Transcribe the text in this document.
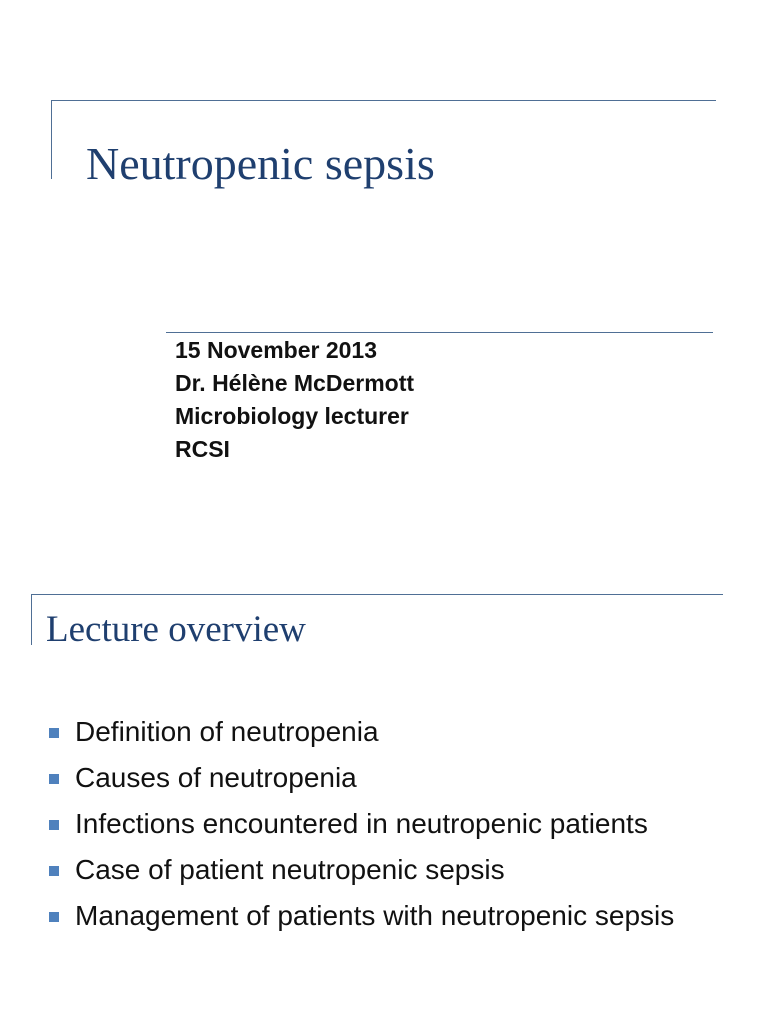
Neutropenic sepsis
15 November 2013
Dr. Hélène McDermott
Microbiology lecturer
RCSI
Lecture overview
Definition of neutropenia
Causes of neutropenia
Infections encountered in neutropenic patients
Case of patient neutropenic sepsis
Management of patients with neutropenic sepsis
